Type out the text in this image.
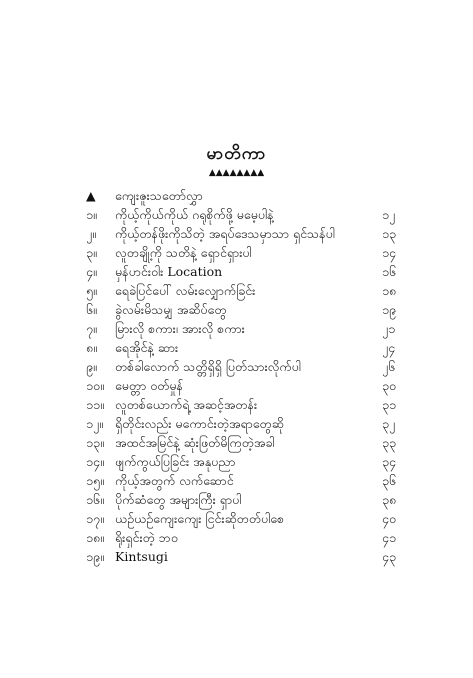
မာတိကာ
▲▲▲▲▲▲▲▲
▲ ကျေးဇူးသတော်လွှာ
၁။ ကိုယ့်ကိုယ်ကိုယ် ဂရုစိုက်ဖို့ မမေ့ပါနဲ့	၁၂
၂။ ကိုယ့်တန်ဖိုးကိုသိတဲ့ အရပ်ဒေသမှာသာ ရှင်သန်ပါ	၁၃
၃။ လူတချို့ကို သတိနဲ့ ရှောင်ရှားပါ	၁၄
၄။ မှန်ပာင်းဝါး Location	၁၆
၅။ ရေခဲပြင်ပေါ် လမ်းလျှောက်ခြင်း	၁၈
၆။ ခွဲလမ်းမိသမျှ အဆိပ်တွေ	၁၉
၇။ မြားလို စကား၊ အားလို စကား	၂၁
၈။ ရေအိုင်နဲ့ ဆား	၂၄
၉။ တစ်ခါလောက် သတ္တိရှိရှိ ပြတ်သားလိုက်ပါ	၂၆
၁၀။ မေတ္တာ ဝတ်မှုန်	၃၀
၁၁။ လူတစ်ယောက်ရဲ့ အဆင့်အတန်း	၃၁
၁၂။ ရှိတိုင်းလည်း မကောင်းတဲ့အရာတွေဆို	၃၂
၁၃။ အထင်အမြင်နဲ့ ဆုံးဖြတ်မိကြတဲ့အခါ	၃၃
၁၄။ ဖျက်ကွယ်ပြခြင်း အနုပညာ	၃၄
၁၅။ ကိုယ့်အတွက် လက်ဆောင်	၃၆
၁၆။ ပိုက်ဆံတွေ အများကြီး ရှာပါ	၃၈
၁၇။ ယဉ်ယဉ်ကျေးကျေး ငြင်းဆိုတတ်ပါစေ	၄၀
၁၈။ ရိုးရှင်းတဲ့ ဘဝ	၄၁
၁၉။ Kintsugi	၄၃
